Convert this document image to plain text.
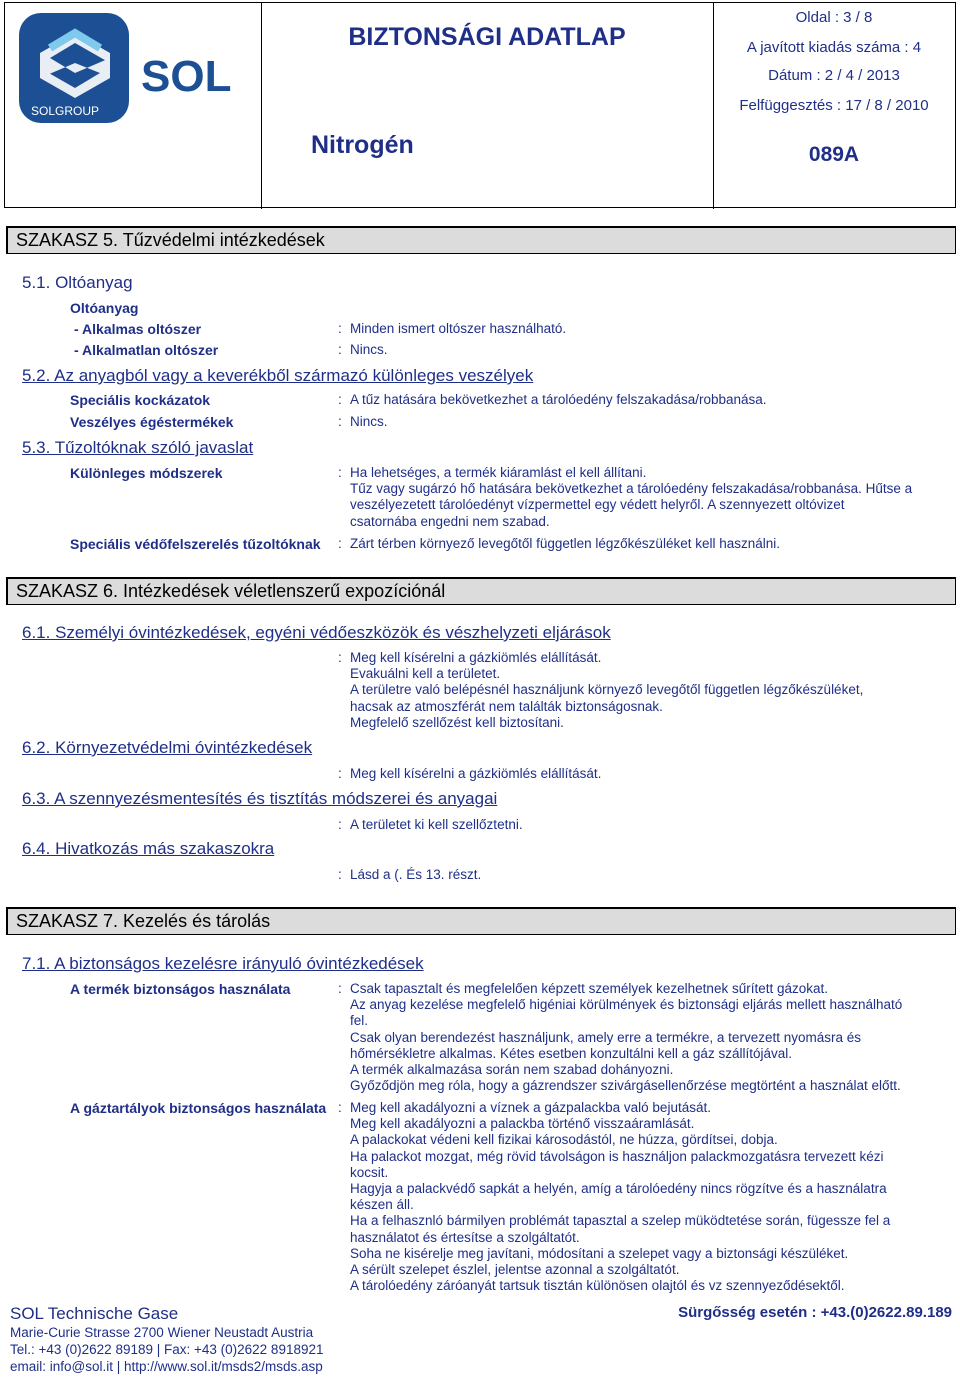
SOL
SOLGROUP
BIZTONSÁGI ADATLAP
Nitrogén
Oldal : 3 / 8
A javított kiadás száma : 4
Dátum : 2 / 4 / 2013
Felfüggesztés : 17 / 8 / 2010
089A
SZAKASZ 5. Tűzvédelmi intézkedések
5.1. Oltóanyag
Oltóanyag
- Alkalmas oltószer	: Minden ismert oltószer használható.
- Alkalmatlan oltószer	: Nincs.
5.2. Az anyagból vagy a keverékből származó különleges veszélyek
Speciális kockázatok	: A tűz hatására bekövetkezhet a tárolóedény felszakadása/robbanása.
Veszélyes égéstermékek	: Nincs.
5.3. Tűzoltóknak szóló javaslat
Különleges módszerek	: Ha lehetséges, a termék kiáramlást el kell állítani.
Tűz vagy sugárzó hő hatására bekövetkezhet a tárolóedény felszakadása/robbanása. Hűtse a
veszélyezetett tárolóedényt vízpermettel egy védett helyről. A szennyezett oltóvizet
csatornába engedni nem szabad.
Speciális védőfelszerelés tűzoltóknak : Zárt térben környező levegőtől független légzőkészüléket kell használni.
SZAKASZ 6. Intézkedések véletlenszerű expozíciónál
6.1. Személyi óvintézkedések, egyéni védőeszközök és vészhelyzeti eljárások
: Meg kell kísérelni a gázkiömlés elállítását.
Evakuálni kell a területet.
A területre való belépésnél használjunk környező levegőtől független légzőkészüléket,
hacsak az atmoszférát nem találták biztonságosnak.
Megfelelő szellőzést kell biztosítani.
6.2. Környezetvédelmi óvintézkedések
: Meg kell kísérelni a gázkiömlés elállítását.
6.3. A szennyezésmentesítés és tisztítás módszerei és anyagai
: A területet ki kell szellőztetni.
6.4. Hivatkozás más szakaszokra
: Lásd a (. És 13. részt.
SZAKASZ 7. Kezelés és tárolás
7.1. A biztonságos kezelésre irányuló óvintézkedések
A termék biztonságos használata	: Csak tapasztalt és megfelelően képzett személyek kezelhetnek sűrített gázokat.
Az anyag kezelése megfelelő higéniai körülmények és biztonsági eljárás mellett használható
fel.
Csak olyan berendezést használjunk, amely erre a termékre, a tervezett nyomásra és
hőmérsékletre alkalmas. Kétes esetben konzultálni kell a gáz szállítójával.
A termék alkalmazása során nem szabad dohányozni.
Győződjön meg róla, hogy a gázrendszer szivárgásellenőrzése megtörtént a használat előtt.
A gáztartályok biztonságos használata : Meg kell akadályozni a víznek a gázpalackba való bejutását.
Meg kell akadályozni a palackba történő visszaáramlását.
A palackokat védeni kell fizikai károsodástól, ne húzza, gördítsei, dobja.
Ha palackot mozgat, még rövid távolságon is használjon palackmozgatásra tervezett kézi
kocsit.
Hagyja a palackvédő sapkát a helyén, amíg a tárolóedény nincs rögzítve és a használatra
készen áll.
Ha a felhasznló bármilyen problémát tapasztal a szelep müködtetése során, fügesszе fel a
használatot és értesítse a szolgáltatót.
Soha ne kisérelje meg javítani, módosítani a szelepet vagy a biztonsági készüléket.
A sérült szelepet észlel, jelentse azonnal a szolgáltatót.
A tárolóedény záróanyát tartsuk tisztán különösen olajtól és vz szennyeződésektől.
SOL Technische Gase
Marie-Curie Strasse 2700 Wiener Neustadt Austria
Tel.: +43 (0)2622 89189 | Fax: +43 (0)2622 8918921
email: info@sol.it | http://www.sol.it/msds2/msds.asp
Sürgősség esetén : +43.(0)2622.89.189
